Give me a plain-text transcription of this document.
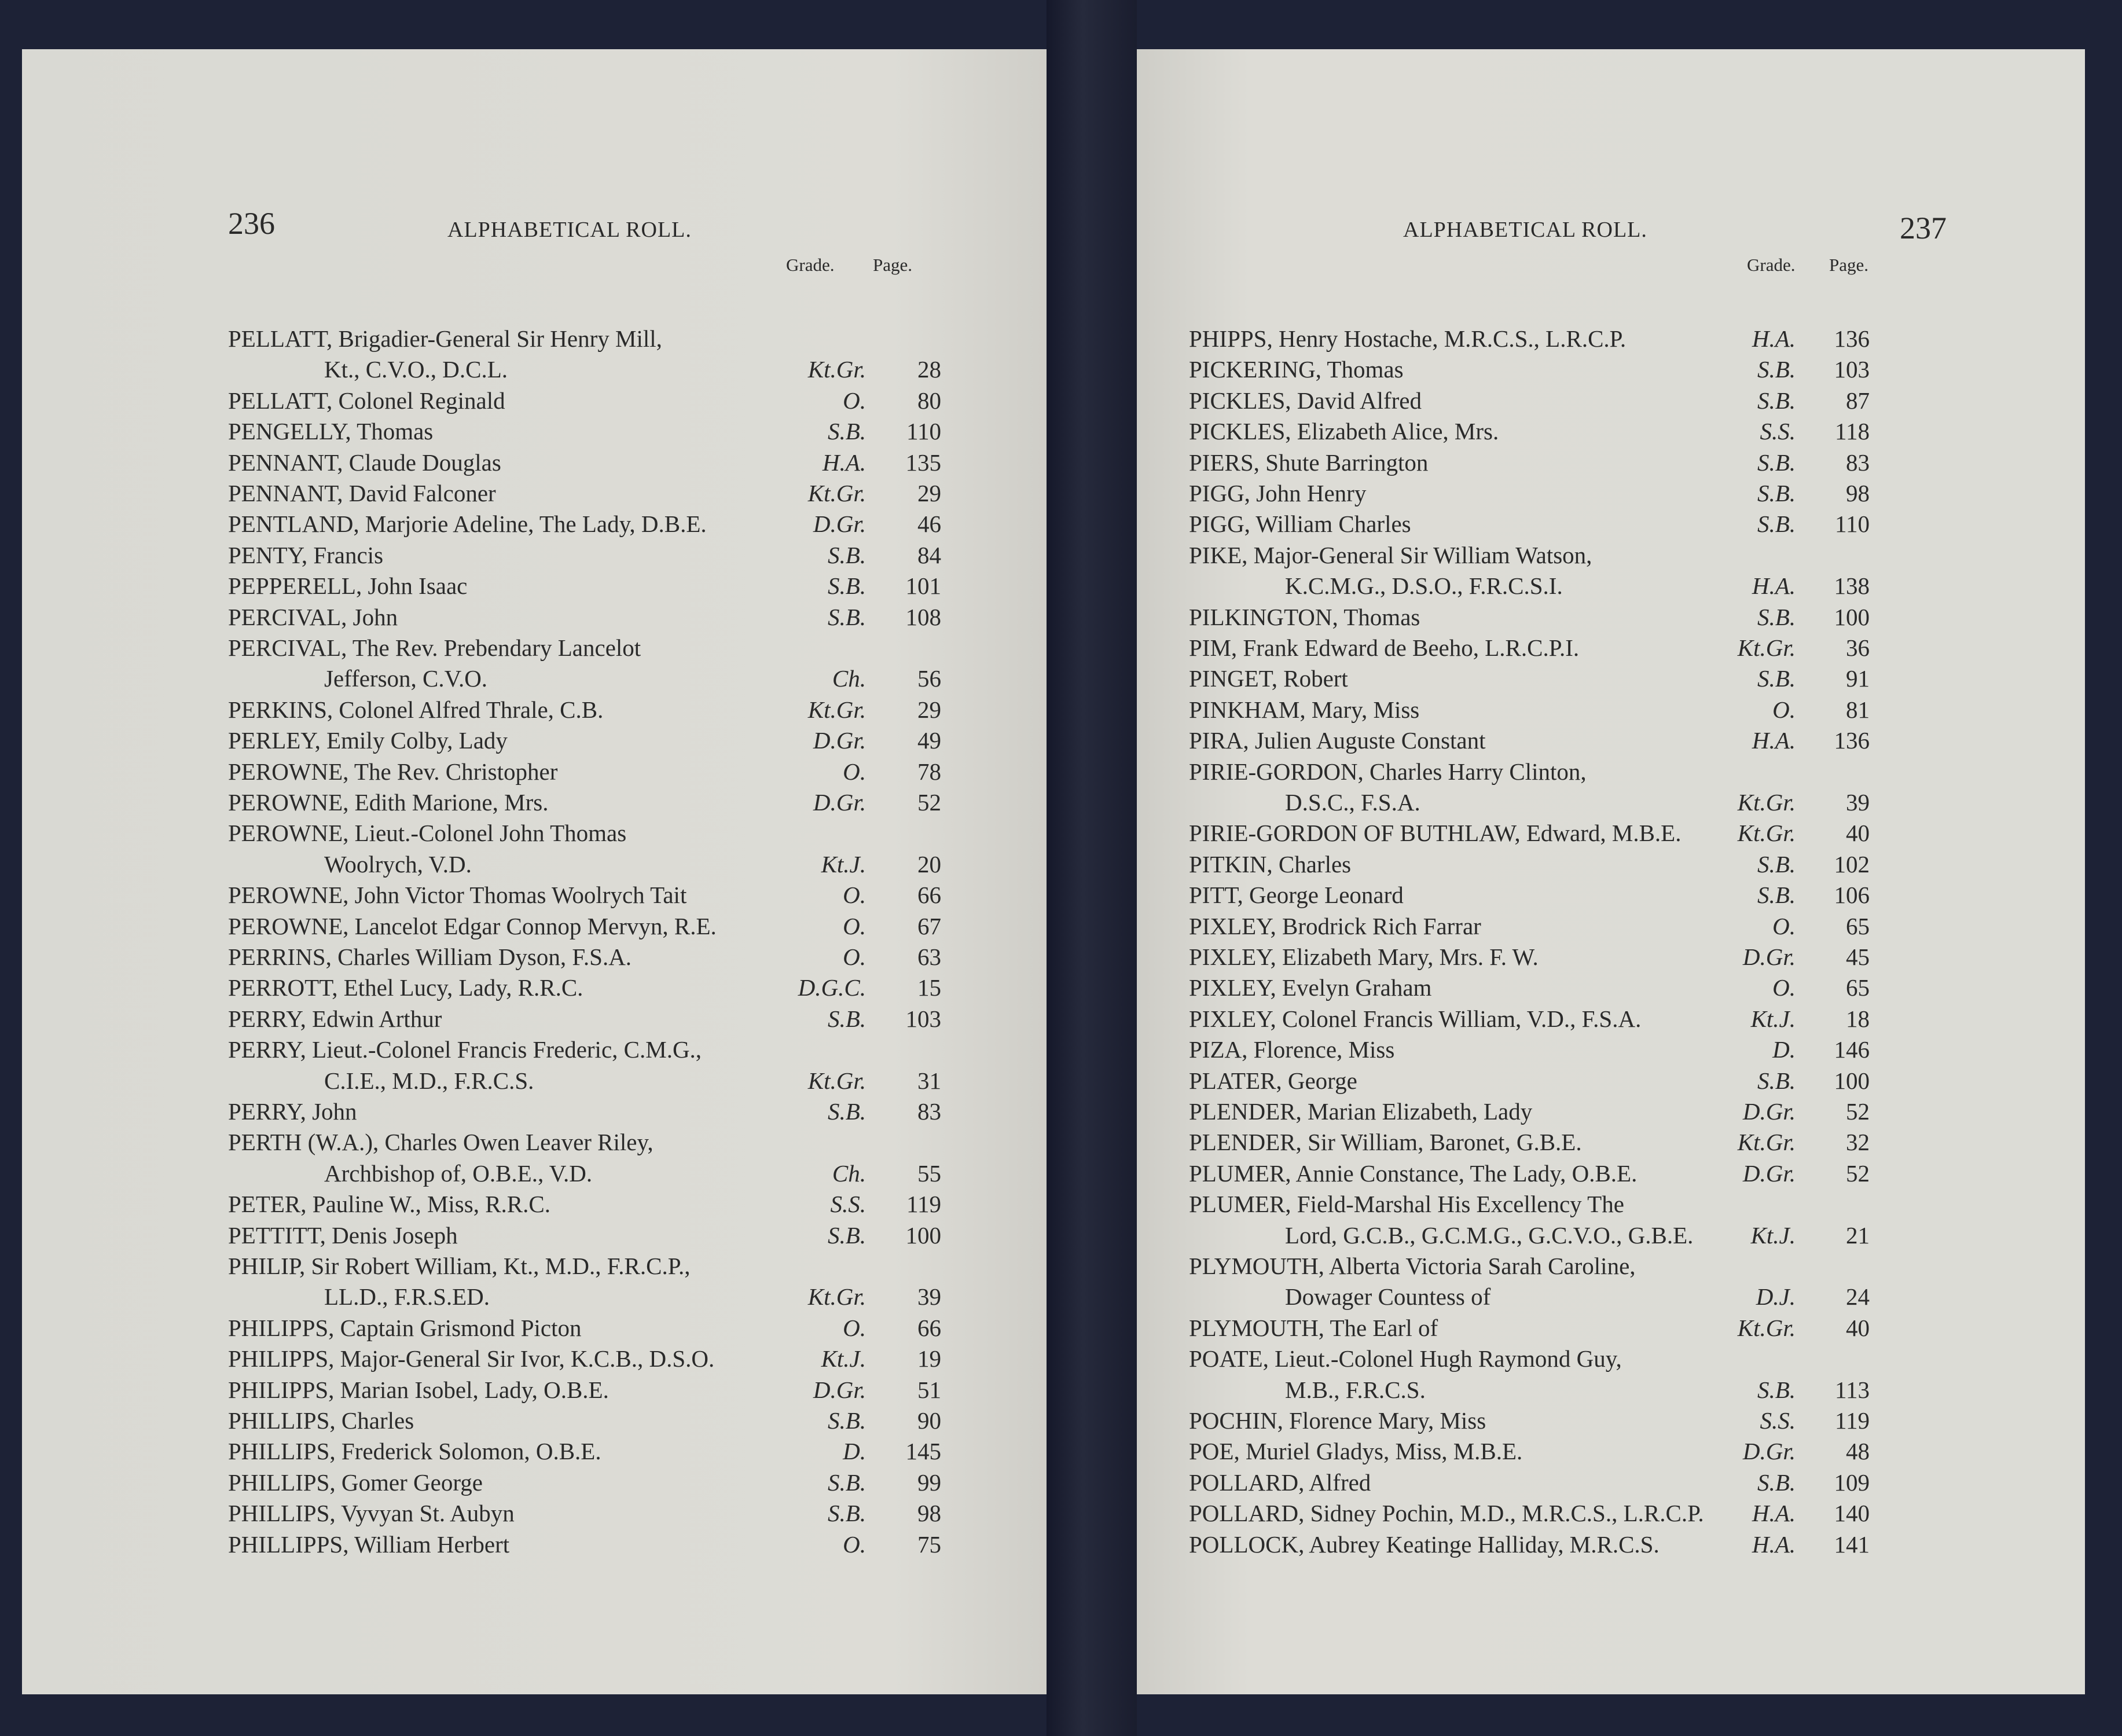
236	ALPHABETICAL ROLL.
Grade. Page.
PELLATT, Brigadier-General Sir Henry Mill,
Kt., C.V.O., D.C.L.	Kt.Gr.	28
PELLATT, Colonel Reginald	O.	80
PENGELLY, Thomas	S.B.	110
PENNANT, Claude Douglas	H.A.	135
PENNANT, David Falconer	Kt.Gr.	29
PENTLAND, Marjorie Adeline, The Lady, D.B.E.	D.Gr.	46
PENTY, Francis	S.B.	84
PEPPERELL, John Isaac	S.B.	101
PERCIVAL, John	S.B.	108
PERCIVAL, The Rev. Prebendary Lancelot
Jefferson, C.V.O.	Ch.	56
PERKINS, Colonel Alfred Thrale, C.B.	Kt.Gr.	29
PERLEY, Emily Colby, Lady	D.Gr.	49
PEROWNE, The Rev. Christopher	O.	78
PEROWNE, Edith Marione, Mrs.	D.Gr.	52
PEROWNE, Lieut.-Colonel John Thomas
Woolrych, V.D.	Kt.J.	20
PEROWNE, John Victor Thomas Woolrych Tait	O.	66
PEROWNE, Lancelot Edgar Connop Mervyn, R.E.	O.	67
PERRINS, Charles William Dyson, F.S.A.	O.	63
PERROTT, Ethel Lucy, Lady, R.R.C.	D.G.C.	15
PERRY, Edwin Arthur	S.B.	103
PERRY, Lieut.-Colonel Francis Frederic, C.M.G.,
C.I.E., M.D., F.R.C.S.	Kt.Gr.	31
PERRY, John	S.B.	83
PERTH (W.A.), Charles Owen Leaver Riley,
Archbishop of, O.B.E., V.D.	Ch.	55
PETER, Pauline W., Miss, R.R.C.	S.S.	119
PETTITT, Denis Joseph	S.B.	100
PHILIP, Sir Robert William, Kt., M.D., F.R.C.P.,
LL.D., F.R.S.ED.	Kt.Gr.	39
PHILIPPS, Captain Grismond Picton	O.	66
PHILIPPS, Major-General Sir Ivor, K.C.B., D.S.O.	Kt.J.	19
PHILIPPS, Marian Isobel, Lady, O.B.E.	D.Gr.	51
PHILLIPS, Charles	S.B.	90
PHILLIPS, Frederick Solomon, O.B.E.	D.	145
PHILLIPS, Gomer George	S.B.	99
PHILLIPS, Vyvyan St. Aubyn	S.B.	98
PHILLIPPS, William Herbert	O.	75
ALPHABETICAL ROLL.	237
Grade. Page.
PHIPPS, Henry Hostache, M.R.C.S., L.R.C.P.	H.A.	136
PICKERING, Thomas	S.B.	103
PICKLES, David Alfred	S.B.	87
PICKLES, Elizabeth Alice, Mrs.	S.S.	118
PIERS, Shute Barrington	S.B.	83
PIGG, John Henry	S.B.	98
PIGG, William Charles	S.B.	110
PIKE, Major-General Sir William Watson,
K.C.M.G., D.S.O., F.R.C.S.I.	H.A.	138
PILKINGTON, Thomas	S.B.	100
PIM, Frank Edward de Beeho, L.R.C.P.I.	Kt.Gr.	36
PINGET, Robert	S.B.	91
PINKHAM, Mary, Miss	O.	81
PIRA, Julien Auguste Constant	H.A.	136
PIRIE-GORDON, Charles Harry Clinton,
D.S.C., F.S.A.	Kt.Gr.	39
PIRIE-GORDON OF BUTHLAW, Edward, M.B.E.	Kt.Gr.	40
PITKIN, Charles	S.B.	102
PITT, George Leonard	S.B.	106
PIXLEY, Brodrick Rich Farrar	O.	65
PIXLEY, Elizabeth Mary, Mrs. F. W.	D.Gr.	45
PIXLEY, Evelyn Graham	O.	65
PIXLEY, Colonel Francis William, V.D., F.S.A.	Kt.J.	18
PIZA, Florence, Miss	D.	146
PLATER, George	S.B.	100
PLENDER, Marian Elizabeth, Lady	D.Gr.	52
PLENDER, Sir William, Baronet, G.B.E.	Kt.Gr.	32
PLUMER, Annie Constance, The Lady, O.B.E.	D.Gr.	52
PLUMER, Field-Marshal His Excellency The
Lord, G.C.B., G.C.M.G., G.C.V.O., G.B.E.	Kt.J.	21
PLYMOUTH, Alberta Victoria Sarah Caroline,
Dowager Countess of	D.J.	24
PLYMOUTH, The Earl of	Kt.Gr.	40
POATE, Lieut.-Colonel Hugh Raymond Guy,
M.B., F.R.C.S.	S.B.	113
POCHIN, Florence Mary, Miss	S.S.	119
POE, Muriel Gladys, Miss, M.B.E.	D.Gr.	48
POLLARD, Alfred	S.B.	109
POLLARD, Sidney Pochin, M.D., M.R.C.S., L.R.C.P.	H.A.	140
POLLOCK, Aubrey Keatinge Halliday, M.R.C.S.	H.A.	141
